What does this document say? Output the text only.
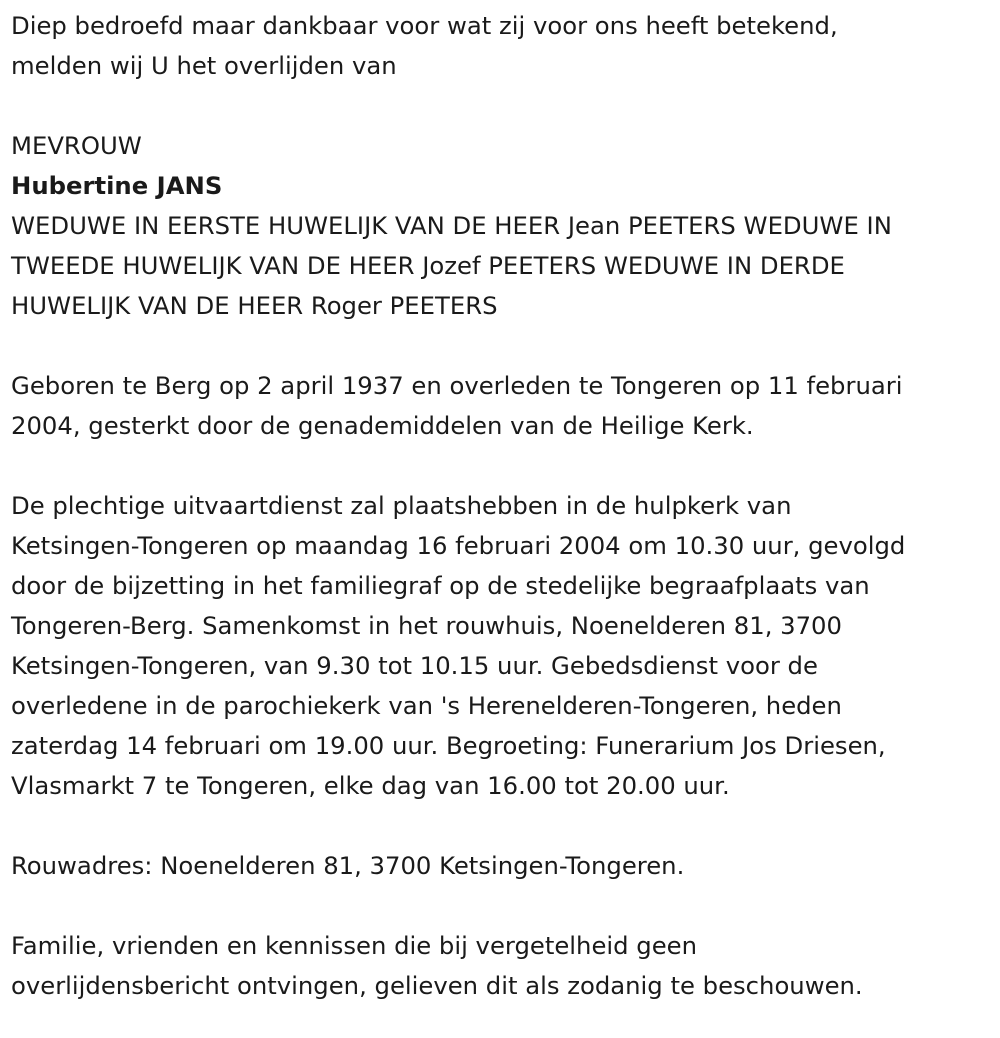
Diep bedroefd maar dankbaar voor wat zij voor ons heeft betekend,
melden wij U het overlijden van

MEVROUW

Hubertine JANS

WEDUWE IN EERSTE HUWELIJK VAN DE HEER Jean PEETERS WEDUWE IN
TWEEDE HUWELIJK VAN DE HEER Jozef PEETERS WEDUWE IN DERDE
HUWELIJK VAN DE HEER Roger PEETERS

Geboren te Berg op 2 april 1937 en overleden te Tongeren op 11 februari
2004, gesterkt door de genademiddelen van de Heilige Kerk.

De plechtige uitvaartdienst zal plaatshebben in de hulpkerk van
Ketsingen-Tongeren op maandag 16 februari 2004 om 10.30 uur, gevolgd
door de bijzetting in het familiegraf op de stedelijke begraafplaats van
Tongeren-Berg. Samenkomst in het rouwhuis, Noenelderen 81, 3700
Ketsingen-Tongeren, van 9.30 tot 10.15 uur. Gebedsdienst voor de
overledene in de parochiekerk van 's Herenelderen-Tongeren, heden
zaterdag 14 februari om 19.00 uur. Begroeting: Funerarium Jos Driesen,
Vlasmarkt 7 te Tongeren, elke dag van 16.00 tot 20.00 uur.

Rouwadres: Noenelderen 81, 3700 Ketsingen-Tongeren.

Familie, vrienden en kennissen die bij vergetelheid geen
overlijdensbericht ontvingen, gelieven dit als zodanig te beschouwen.
